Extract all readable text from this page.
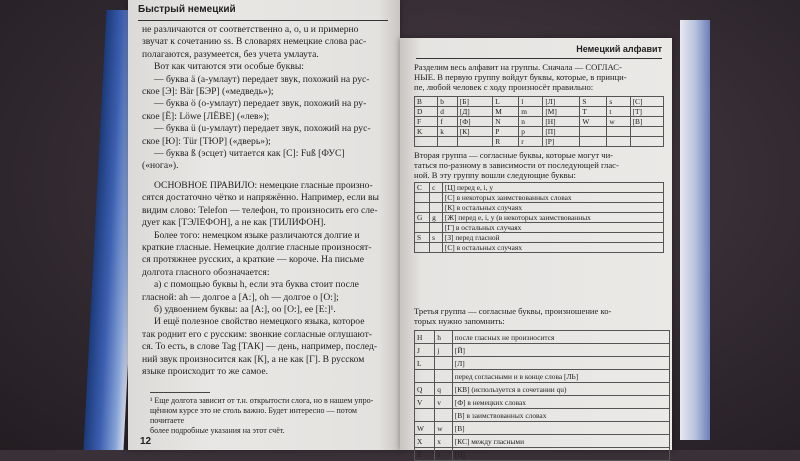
Быстрый немецкий

не различаются от соответственно a, o, u и примерно

звучат к сочетанию ss. В словарях немецкие слова рас-

полагаются, разумеется, без учета умлаута.

Вот как читаются эти особые буквы:

— буква ä (а-умлаут) передает звук, похожий на рус-

ское [Э]: Bär [БЭР] («медведь»);

— буква ö (о-умлаут) передает звук, похожий на ру-

ское [Ё]: Löwe [ЛЁВЕ] («лев»);

— буква ü (u-умлаут) передает звук, похожий на рус-

ское [Ю]: Tür [ТЮР] («дверь»);

— буква ß (эсцет) читается как [С]: Fuß [ФУС]

(«нога»).

ОСНОВНОЕ ПРАВИЛО: немецкие гласные произно-

сятся достаточно чётко и напряжённо. Например, если вы

видим слово: Telefon — телефон, то произносить его сле-

дует как [ТЭЛЕФОН], а не как [ТИЛИФОН].

Более того: немецком языке различаются долгие и

краткие гласные. Немецкие долгие гласные произносят-

ся протяжнее русских, а краткие — короче. На письме

долгота гласного обозначается:

а) с помощью буквы h, если эта буква стоит после

гласной: ah — долгое а [А:], oh — долгое о [О:];

б) удвоением буквы: aa [А:], oo [О:], ee [Е:]¹.

И ещё полезное свойство немецкого языка, которое

так роднит его с русским: звонкие согласные оглушают-

ся. То есть, в слове Tag [ТАК] — день, например, послед-

ний звук произносится как [К], а не как [Г]. В русском

языке происходит то же самое.

¹ Еще долгота зависит от т.н. открытости слога, но в нашем упро-
щённом курсе это не столь важно. Будет интересно — потом почитаете
более подробные указания на этот счёт.
12
Немецкий алфавит

Разделим весь алфавит на группы. Сначала — СОГЛАС-

НЫЕ. В первую группу войдут буквы, которые, в принци-

пе, любой человек с ходу произносёт правильно:

B	b	[Б]	L	l	[Л]	S	s	[С]
D	d	[Д]	M	m	[М]	T	t	[Т]
F	f	[Ф]	N	n	[Н]	W	w	[В]
K	k	[К]	P	p	[П]			
			R	r	[Р]			

Вторая группа — согласные буквы, которые могут чи-

таться по-разному в зависимости от последующей глас-

ной. В эту группу вошли следующие буквы:

C	c	[Ц] перед e, i, y
		[С] в некоторых заимствованных словах
		[К] в остальных случаях
G	g	[Ж] перед e, i, y (в некоторых заимствованных
		[Г] в остальных случаях
S	s	[З] перед гласной
		[С] в остальных случаях

Третья группа — согласные буквы, произношение ко-

торых нужно запомнить:

H	h	после гласных не произносится
J	j	[Й]
L		[Л]
		перед согласными и в конце слова [ЛЬ]
Q	q	[КВ] (используется в сочетании qu)
V	v	[Ф] в немецких словах
		[В] в заимствованных словах
W	w	[В]
X	x	[КС] между гласными
Z	z	[Ц]
